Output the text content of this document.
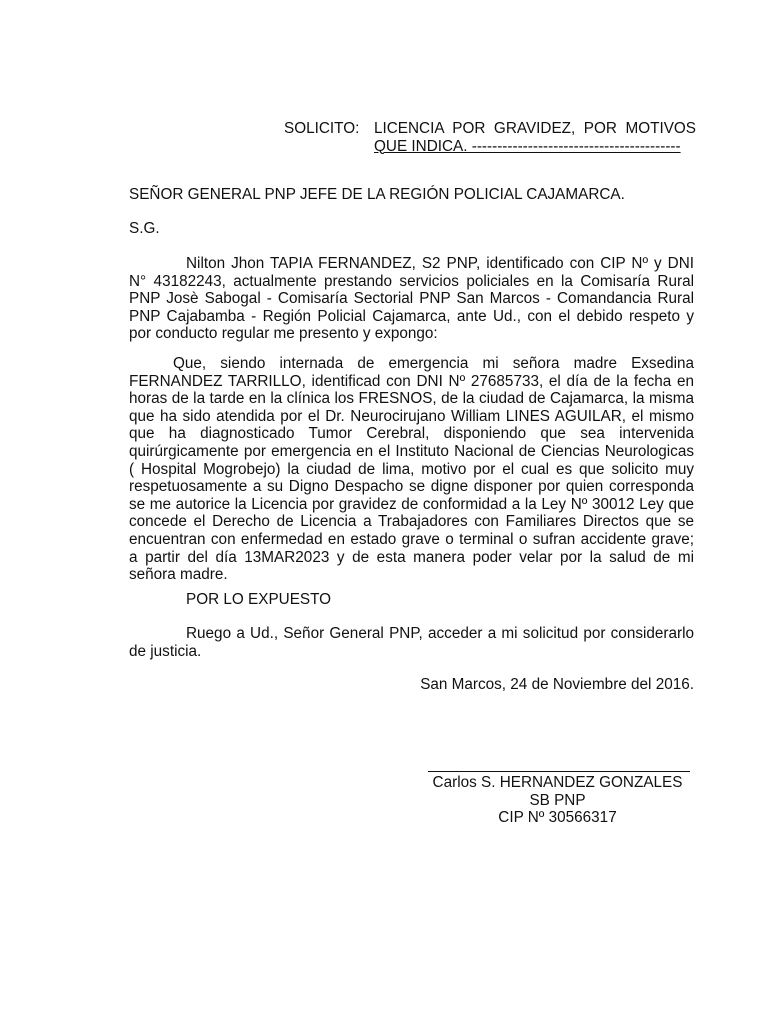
SOLICITO: LICENCIA POR GRAVIDEZ, POR MOTIVOS
QUE INDICA. -----------------------------------------
SEÑOR GENERAL PNP JEFE DE LA REGIÓN POLICIAL CAJAMARCA.
S.G.

Nilton Jhon TAPIA FERNANDEZ, S2 PNP, identificado con CIP Nº y DNI N° 43182243, actualmente prestando servicios policiales en la Comisaría Rural PNP Josè Sabogal - Comisaría Sectorial PNP San Marcos - Comandancia Rural PNP Cajabamba - Región Policial Cajamarca, ante Ud., con el debido respeto y por conducto regular me presento y expongo:

Que, siendo internada de emergencia mi señora madre Exsedina FERNANDEZ TARRILLO, identificad con DNI Nº 27685733, el día de la fecha en horas de la tarde en la clínica los FRESNOS, de la ciudad de Cajamarca, la misma que ha sido atendida por el Dr. Neurocirujano William LINES AGUILAR, el mismo que ha diagnosticado Tumor Cerebral, disponiendo que sea intervenida quirúrgicamente por emergencia en el Instituto Nacional de Ciencias Neurologicas ( Hospital Mogrobejo) la ciudad de lima, motivo por el cual es que solicito muy respetuosamente a su Digno Despacho se digne disponer por quien corresponda se me autorice la Licencia por gravidez de conformidad a la Ley Nº 30012 Ley que concede el Derecho de Licencia a Trabajadores con Familiares Directos que se encuentran con enfermedad en estado grave o terminal o sufran accidente grave; a partir del día 13MAR2023 y de esta manera poder velar por la salud de mi señora madre.

POR LO EXPUESTO

Ruego a Ud., Señor General PNP, acceder a mi solicitud por considerarlo de justicia.

San Marcos, 24 de Noviembre del 2016.
Carlos S. HERNANDEZ GONZALES
SB PNP
CIP Nº 30566317
